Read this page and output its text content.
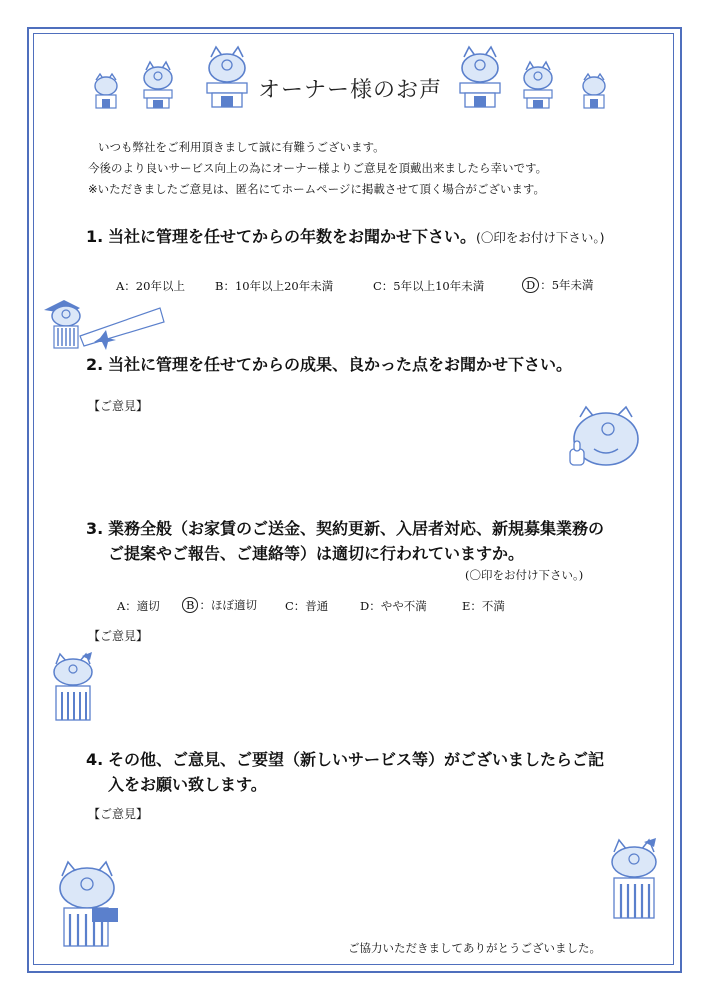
オーナー様のお声
いつも弊社をご利用頂きまして誠に有難うございます。
今後のより良いサービス向上の為にオーナー様よりご意見を頂戴出来ましたら幸いです。
※いただきましたご意見は、匿名にてホームページに掲載させて頂く場合がございます。
1. 当社に管理を任せてからの年数をお聞かせ下さい。(〇印をお付け下さい。)
A：20年以上	B：10年以上20年未満	C：5年以上10年未満	D ：5年未満
2. 当社に管理を任せてからの成果、良かった点をお聞かせ下さい。
【ご意見】
3. 業務全般（お家賃のご送金、契約更新、入居者対応、新規募集業務の
ご提案やご報告、ご連絡等）は適切に行われていますか。
(〇印をお付け下さい。)
A：適切	B ：ほぼ適切 C：普通	D：やや不満	E：不満
【ご意見】
4. その他、ご意見、ご要望（新しいサービス等）がございましたらご記
入をお願い致します。
【ご意見】
ご協力いただきましてありがとうございました。
